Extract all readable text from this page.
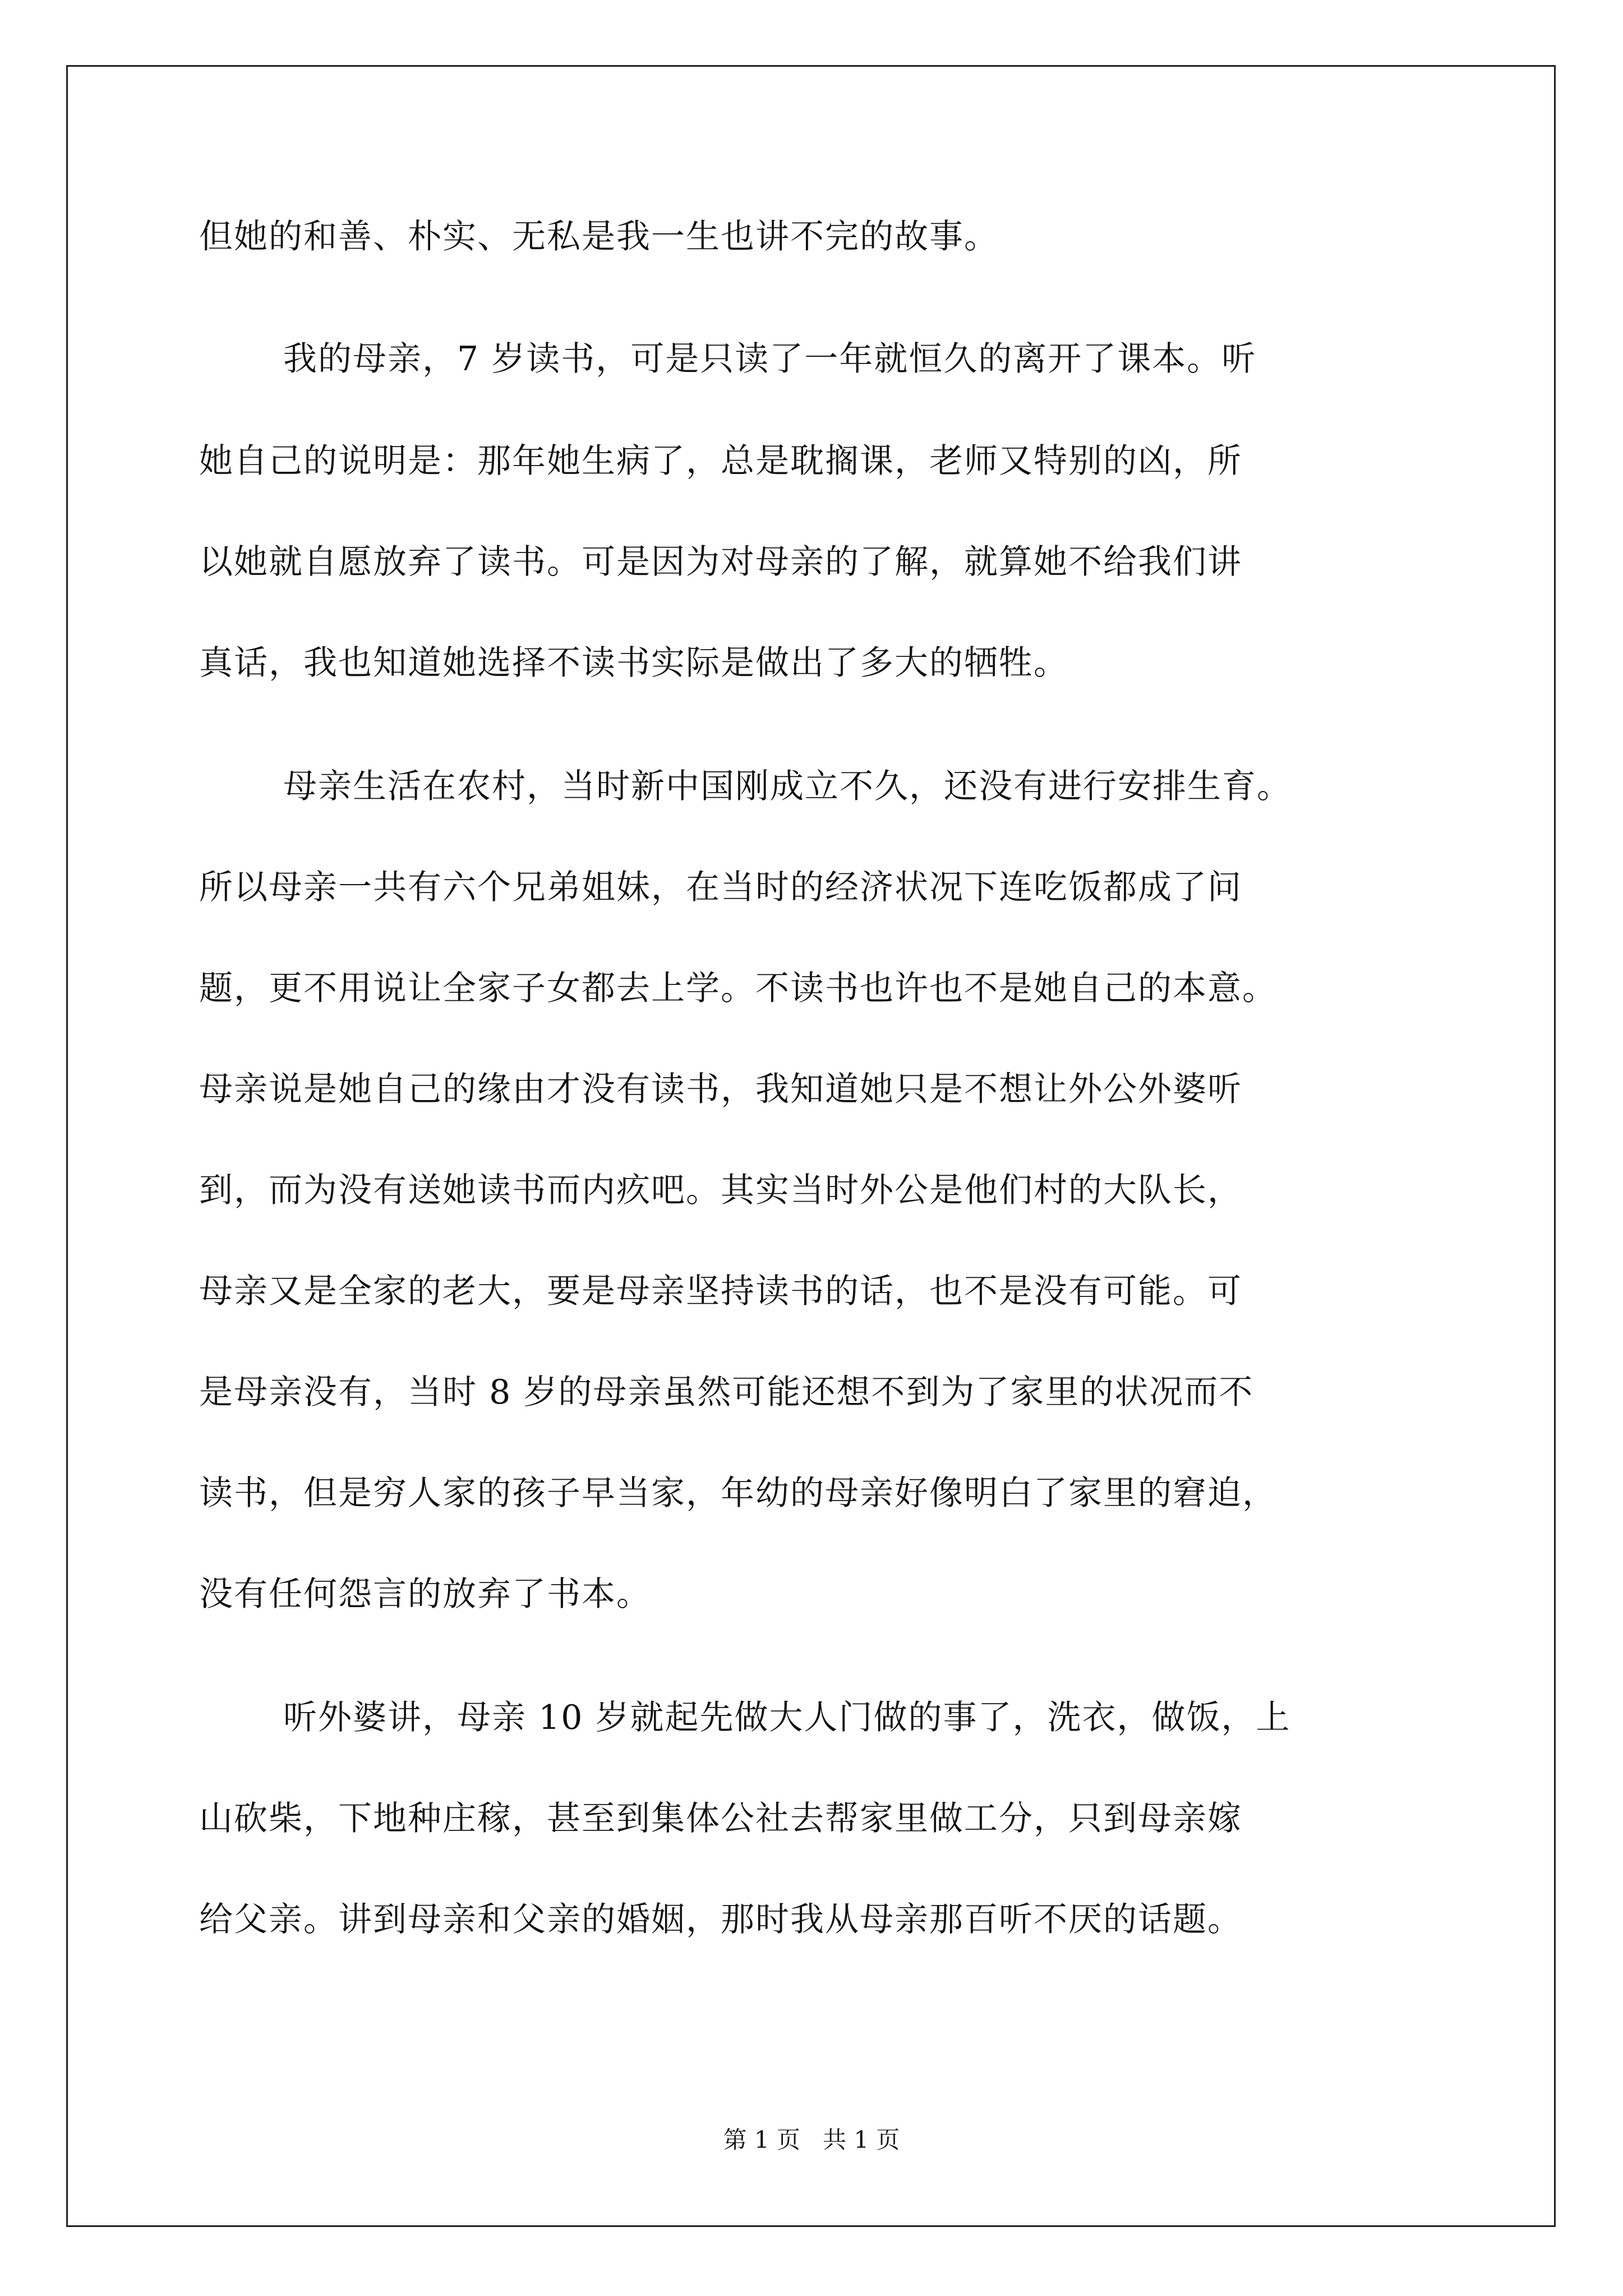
但她的和善、朴实、无私是我一生也讲不完的故事。
我的母亲，7 岁读书，可是只读了一年就恒久的离开了课本。听
她自己的说明是：那年她生病了，总是耽搁课，老师又特别的凶，所
以她就自愿放弃了读书。可是因为对母亲的了解，就算她不给我们讲
真话，我也知道她选择不读书实际是做出了多大的牺牲。
母亲生活在农村，当时新中国刚成立不久，还没有进行安排生育。
所以母亲一共有六个兄弟姐妹，在当时的经济状况下连吃饭都成了问
题，更不用说让全家子女都去上学。不读书也许也不是她自己的本意。
母亲说是她自己的缘由才没有读书，我知道她只是不想让外公外婆听
到，而为没有送她读书而内疚吧。其实当时外公是他们村的大队长，
母亲又是全家的老大，要是母亲坚持读书的话，也不是没有可能。可
是母亲没有，当时 8 岁的母亲虽然可能还想不到为了家里的状况而不
读书，但是穷人家的孩子早当家，年幼的母亲好像明白了家里的窘迫，
没有任何怨言的放弃了书本。
听外婆讲，母亲 10 岁就起先做大人门做的事了，洗衣，做饭，上
山砍柴，下地种庄稼，甚至到集体公社去帮家里做工分，只到母亲嫁
给父亲。讲到母亲和父亲的婚姻，那时我从母亲那百听不厌的话题。
第 1 页 共 1 页
